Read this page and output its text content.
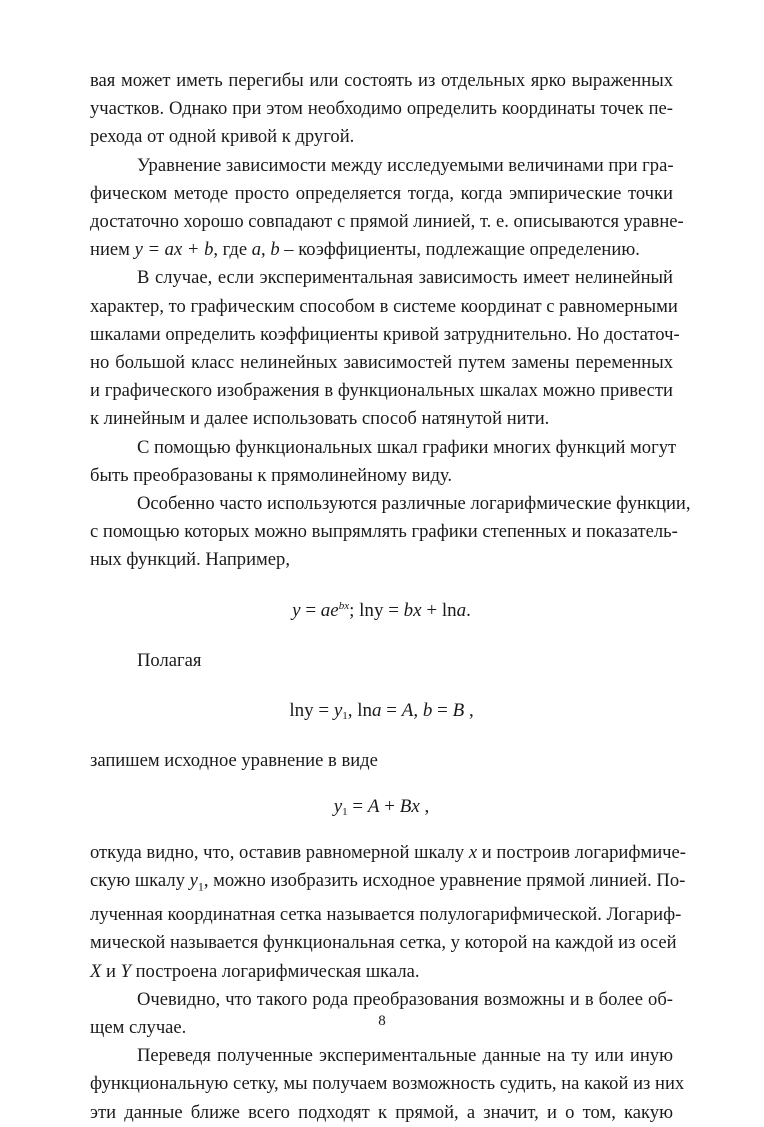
вая может иметь перегибы или состоять из отдельных ярко выраженных
участков. Однако при этом необходимо определить координаты точек пе-
рехода от одной кривой к другой.
Уравнение зависимости между исследуемыми величинами при гра-
фическом методе просто определяется тогда, когда эмпирические точки
достаточно хорошо совпадают с прямой линией, т. е. описываются уравне-
нием y = ax + b, где a, b – коэффициенты, подлежащие определению.
В случае, если экспериментальная зависимость имеет нелинейный
характер, то графическим способом в системе координат с равномерными
шкалами определить коэффициенты кривой затруднительно. Но достаточ-
но большой класс нелинейных зависимостей путем замены переменных
и графического изображения в функциональных шкалах можно привести
к линейным и далее использовать способ натянутой нити.
С помощью функциональных шкал графики многих функций могут
быть преобразованы к прямолинейному виду.
Особенно часто используются различные логарифмические функции,
с помощью которых можно выпрямлять графики степенных и показатель-
ных функций. Например,
$y = ae^{bx}$; lny = bx + lna.
Полагая
$\ln y = y_1$, lna = A, b = B ,
запишем исходное уравнение в виде
$y_1 = A + Bx$ ,
откуда видно, что, оставив равномерной шкалу x и построив логарифмиче-
скую шкалу $y_1$, можно изобразить исходное уравнение прямой линией. По-
лученная координатная сетка называется полулогарифмической. Логариф-
мической называется функциональная сетка, у которой на каждой из осей
X и Y построена логарифмическая шкала.
Очевидно, что такого рода преобразования возможны и в более об-
щем случае.
Переведя полученные экспериментальные данные на ту или иную
функциональную сетку, мы получаем возможность судить, на какой из них
эти данные ближе всего подходят к прямой, а значит, и о том, какую
8
